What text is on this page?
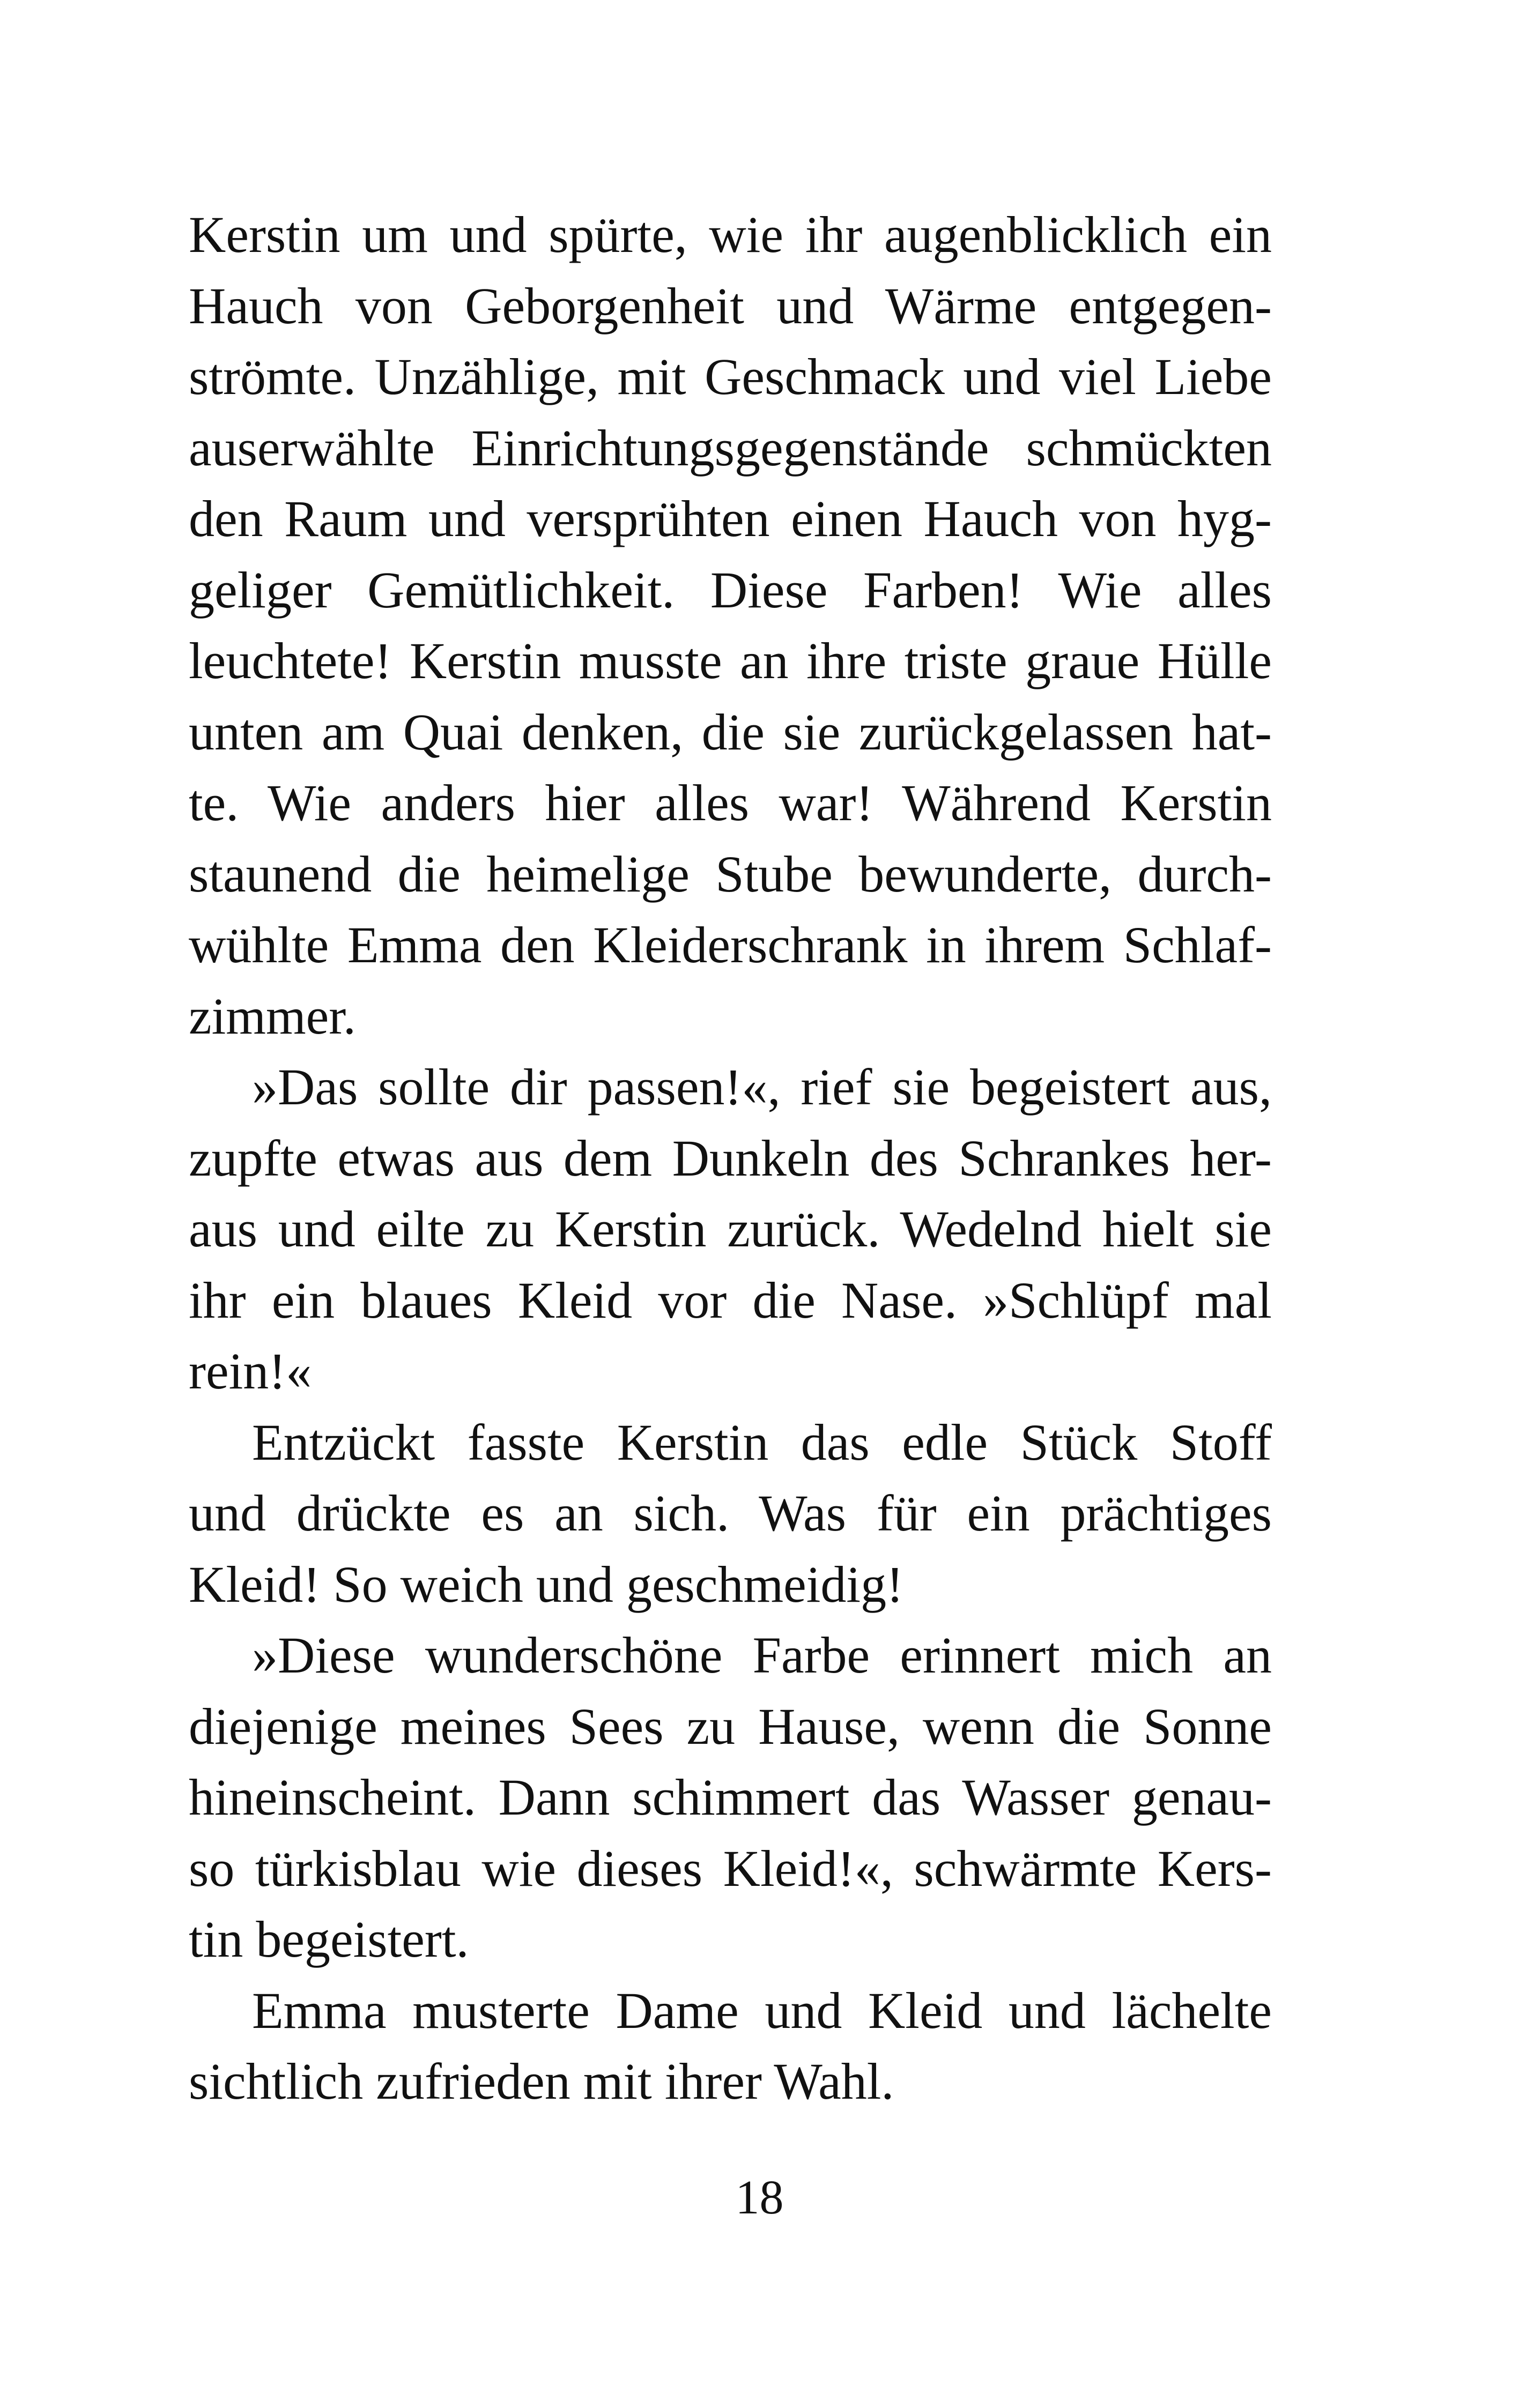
Kerstin um und spürte, wie ihr augenblicklich ein
Hauch von Geborgenheit und Wärme entgegen-
strömte. Unzählige, mit Geschmack und viel Liebe
auserwählte Einrichtungsgegenstände schmückten
den Raum und versprühten einen Hauch von hyg-
geliger Gemütlichkeit. Diese Farben! Wie alles
leuchtete! Kerstin musste an ihre triste graue Hülle
unten am Quai denken, die sie zurückgelassen hat-
te. Wie anders hier alles war! Während Kerstin
staunend die heimelige Stube bewunderte, durch-
wühlte Emma den Kleiderschrank in ihrem Schlaf-
zimmer.
»Das sollte dir passen!«, rief sie begeistert aus,
zupfte etwas aus dem Dunkeln des Schrankes her-
aus und eilte zu Kerstin zurück. Wedelnd hielt sie
ihr ein blaues Kleid vor die Nase. »Schlüpf mal
rein!«
Entzückt fasste Kerstin das edle Stück Stoff
und drückte es an sich. Was für ein prächtiges
Kleid! So weich und geschmeidig!
»Diese wunderschöne Farbe erinnert mich an
diejenige meines Sees zu Hause, wenn die Sonne
hineinscheint. Dann schimmert das Wasser genau-
so türkisblau wie dieses Kleid!«, schwärmte Kers-
tin begeistert.
Emma musterte Dame und Kleid und lächelte
sichtlich zufrieden mit ihrer Wahl.
18
